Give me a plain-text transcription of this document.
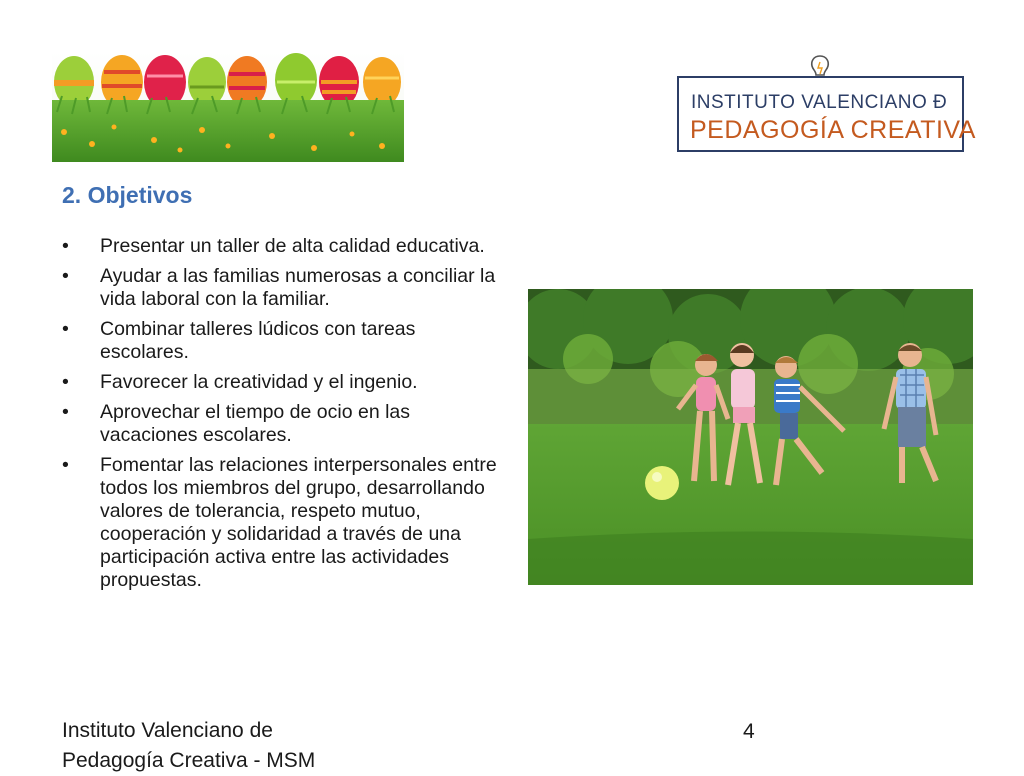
INSTITUTO VALENCIANO Ð
PEDAGOGÍA CREATIVA
2. Objetivos
• Presentar un taller de alta calidad educativa.
• Ayudar a las familias numerosas a conciliar la vida laboral con la familiar.
• Combinar talleres lúdicos con tareas escolares.
• Favorecer la creatividad y el ingenio.
• Aprovechar el tiempo de ocio en las vacaciones escolares.
• Fomentar las relaciones interpersonales entre todos los miembros del grupo, desarrollando valores de tolerancia, respeto mutuo, cooperación y solidaridad a través de una participación activa entre las actividades propuestas.
Instituto Valenciano de
Pedagogía Creativa - MSM
4
